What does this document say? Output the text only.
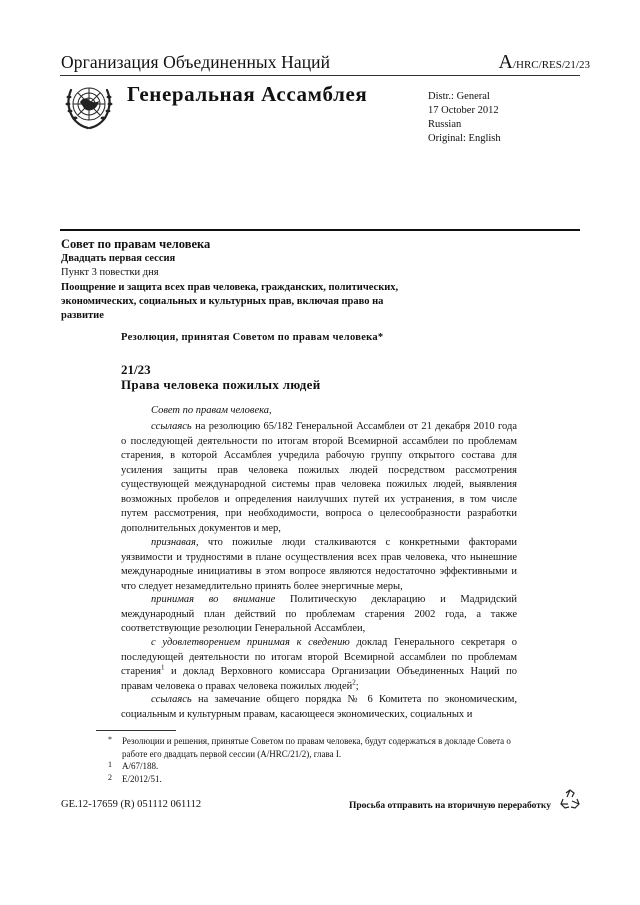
Организация Объединенных Наций	A/HRC/RES/21/23
Генеральная Ассамблея	Distr.: General
17 October 2012
Russian
Original: English
Совет по правам человека
Двадцать первая сессия
Пункт 3 повестки дня
Поощрение и защита всех прав человека, гражданских, политических, экономических, социальных и культурных прав, включая право на развитие
Резолюция, принятая Советом по правам человека*
21/23
Права человека пожилых людей

Совет по правам человека,

ссылаясь на резолюцию 65/182 Генеральной Ассамблеи от 21 декабря 2010 года о последующей деятельности по итогам второй Всемирной ассамблеи по проблемам старения, в которой Ассамблея учредила рабочую группу открытого состава для усиления защиты прав человека пожилых людей посредством рассмотрения существующей международной системы прав человека пожилых людей, выявления возможных пробелов и определения наилучших путей их устранения, в том числе путем рассмотрения, при необходимости, вопроса о целесообразности разработки дополнительных документов и мер,

признавая, что пожилые люди сталкиваются с конкретными факторами уязвимости и трудностями в плане осуществления всех прав человека, что нынешние международные инициативы в этом вопросе являются недостаточно эффективными и что следует незамедлительно принять более энергичные меры,

принимая во внимание Политическую декларацию и Мадридский международный план действий по проблемам старения 2002 года, а также соответствующие резолюции Генеральной Ассамблеи,

с удовлетворением принимая к сведению доклад Генерального секретаря о последующей деятельности по итогам второй Всемирной ассамблеи по проблемам старения$^1$ и доклад Верховного комиссара Организации Объединенных Наций по правам человека о правах человека пожилых людей$^2$;

ссылаясь на замечание общего порядка № 6 Комитета по экономическим, социальным и культурным правам, касающееся экономических, социальных и

* Резолюции и решения, принятые Советом по правам человека, будут содержаться в докладе Совета о работе его двадцать первой сессии (A/HRC/21/2), глава I.
1 A/67/188.
2 E/2012/51.
GE.12-17659 (R) 051112 061112	Просьба отправить на вторичную переработку
